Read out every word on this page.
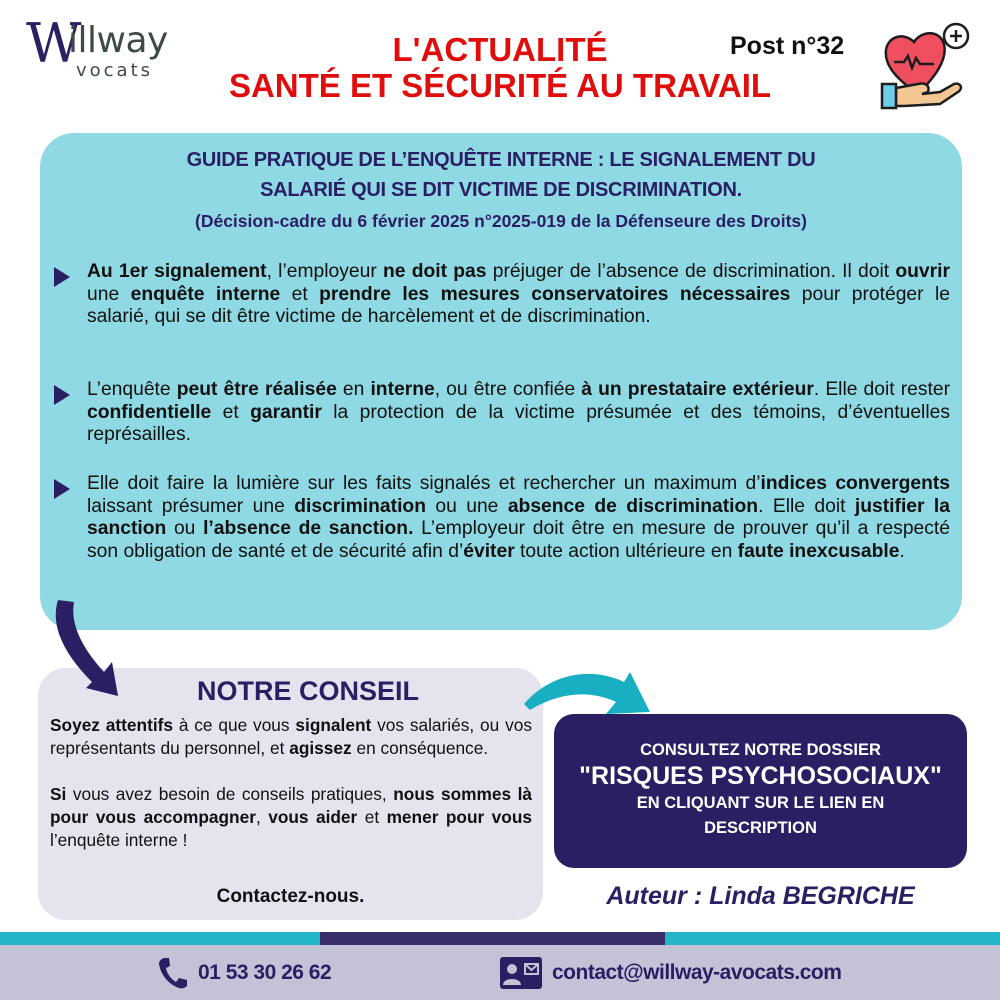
W
illway
vocats
L'ACTUALITÉ
SANTÉ ET SÉCURITÉ AU TRAVAIL
Post n°32
GUIDE PRATIQUE DE L’ENQUÊTE INTERNE : LE SIGNALEMENT DU
SALARIÉ QUI SE DIT VICTIME DE DISCRIMINATION.
(Décision-cadre du 6 février 2025 n°2025-019 de la Défenseure des Droits)

Au 1er signalement, l’employeur ne doit pas préjuger de l’absence de discrimination. Il doit ouvrir une enquête interne et prendre les mesures conservatoires nécessaires pour protéger le salarié, qui se dit être victime de harcèlement et de discrimination.

L’enquête peut être réalisée en interne, ou être confiée à un prestataire extérieur. Elle doit rester confidentielle et garantir la protection de la victime présumée et des témoins, d’éventuelles représailles.

Elle doit faire la lumière sur les faits signalés et rechercher un maximum d’indices convergents laissant présumer une discrimination ou une absence de discrimination. Elle doit justifier la sanction ou l’absence de sanction. L’employeur doit être en mesure de prouver qu’il a respecté son obligation de santé et de sécurité afin d’éviter toute action ultérieure en faute inexcusable.

NOTRE CONSEIL

Soyez attentifs à ce que vous signalent vos salariés, ou vos représentants du personnel, et agissez en conséquence.

Si vous avez besoin de conseils pratiques, nous sommes là pour vous accompagner, vous aider et mener pour vous l’enquête interne !

Contactez-nous.
CONSULTEZ NOTRE DOSSIER
"RISQUES PSYCHOSOCIAUX"
EN CLIQUANT SUR LE LIEN EN
DESCRIPTION
Auteur : Linda BEGRICHE
01 53 30 26 62	contact@willway-avocats.com
